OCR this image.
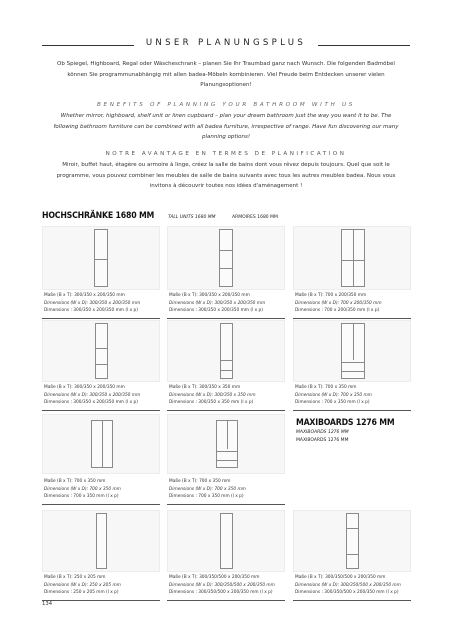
UNSER PLANUNGSPLUS
Ob Spiegel, Highboard, Regal oder Wäscheschrank – planen Sie Ihr Traumbad ganz nach Wunsch. Die folgenden Badmöbel können Sie programmunabhängig mit allen badea-Möbeln kombinieren. Viel Freude beim Entdecken unserer vielen Planungsoptionen!
BENEFITS OF PLANNING YOUR BATHROOM WITH US
Whether mirror, highboard, shelf unit or linen cupboard – plan your dream bathroom just the way you want it to be. The following bathroom furniture can be combined with all badea furniture, irrespective of range. Have fun discovering our many planning options!
NOTRE AVANTAGE EN TERMES DE PLANIFICATION
Miroir, buffet haut, étagère ou armoire à linge, créez la salle de bains dont vous rêvez depuis toujours. Quel que soit le programme, vous pouvez combiner les meubles de salle de bains suivants avec tous les autres meubles badea. Nous vous invitons à découvrir toutes nos idées d'aménagement !
HOCHSCHRÄNKE 1680 MM	TALL UNITS 1680 MM	ARMOIRES 1680 MM
Maße (B x T): 300/350 x 200/350 mm
Dimensions (W x D): 300/350 x 200/350 mm
Dimensions : 300/350 x 200/350 mm (l x p)
Maße (B x T): 300/350 x 200/350 mm
Dimensions (W x D): 300/350 x 200/350 mm
Dimensions : 300/350 x 200/350 mm (l x p)
Maße (B x T): 700 x 200/350 mm
Dimensions (W x D): 700 x 200/350 mm
Dimensions : 700 x 200/350 mm (l x p)
Maße (B x T): 300/350 x 200/350 mm
Dimensions (W x D): 300/350 x 200/350 mm
Dimensions : 300/350 x 200/350 mm (l x p)
Maße (B x T): 300/350 x 350 mm
Dimensions (W x D): 300/350 x 350 mm
Dimensions : 300/350 x 350 mm (l x p)
Maße (B x T): 700 x 350 mm
Dimensions (W x D): 700 x 350 mm
Dimensions : 700 x 350 mm (l x p)
MAXIBOARDS 1276 MM
MAXIBOARDS 1276 MM
MAXIBOARDS 1276 MM
Maße (B x T): 700 x 350 mm
Dimensions (W x D): 700 x 350 mm
Dimensions : 700 x 350 mm (l x p)
Maße (B x T): 700 x 350 mm
Dimensions (W x D): 700 x 350 mm
Dimensions : 700 x 350 mm (l x p)
Maße (B x T): 250 x 205 mm
Dimensions (W x D): 250 x 205 mm
Dimensions : 250 x 205 mm (l x p)
Maße (B x T): 300/350/500 x 200/350 mm
Dimensions (W x D): 300/350/500 x 200/350 mm
Dimensions : 300/350/500 x 200/350 mm (l x p)
Maße (B x T): 300/350/500 x 200/350 mm
Dimensions (W x D): 300/350/500 x 200/350 mm
Dimensions : 300/350/500 x 200/350 mm (l x p)
134
